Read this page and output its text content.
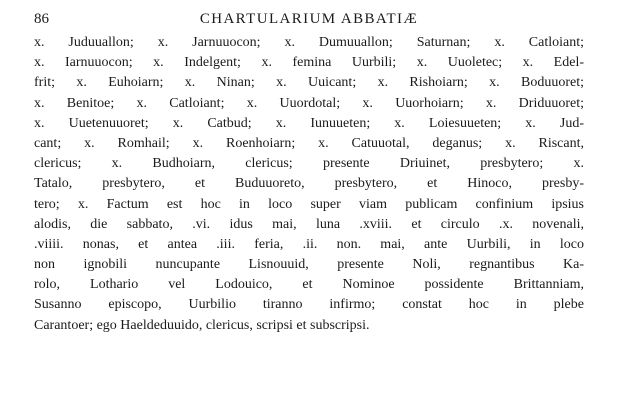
86	CHARTULARIUM ABBATIÆ
x. Juduuallon; x. Jarnuuocon; x. Dumuuallon; Saturnan; x. Catloiant;
x. Iarnuuocon; x. Indelgent; x. femina Uurbili; x. Uuoletec; x. Edel-
frit; x. Euhoiarn; x. Ninan; x. Uuicant; x. Rishoiarn; x. Boduuoret;
x. Benitoe; x. Catloiant; x. Uuordotal; x. Uuorhoiarn; x. Driduuoret;
x. Uuetenuuoret; x. Catbud; x. Iunuueten; x. Loiesuueten; x. Jud-
cant; x. Romhail; x. Roenhoiarn; x. Catuuotal, deganus; x. Riscant,
clericus; x. Budhoiarn, clericus; presente Driuinet, presbytero; x.
Tatalo, presbytero, et Buduuoreto, presbytero, et Hinoco, presby-
tero; x. Factum est hoc in loco super viam publicam confinium ipsius
alodis, die sabbato, .vi. idus mai, luna .xviii. et circulo .x. novenali,
.viiii. nonas, et antea .iii. feria, .ii. non. mai, ante Uurbili, in loco
non ignobili nuncupante Lisnouuid, presente Noli, regnantibus Ka-
rolo, Lothario vel Lodouico, et Nominoe possidente Brittanniam,
Susanno episcopo, Uurbilio tiranno infirmo; constat hoc in plebe
Carantoer; ego Haeldeduuido, clericus, scripsi et subscripsi.
